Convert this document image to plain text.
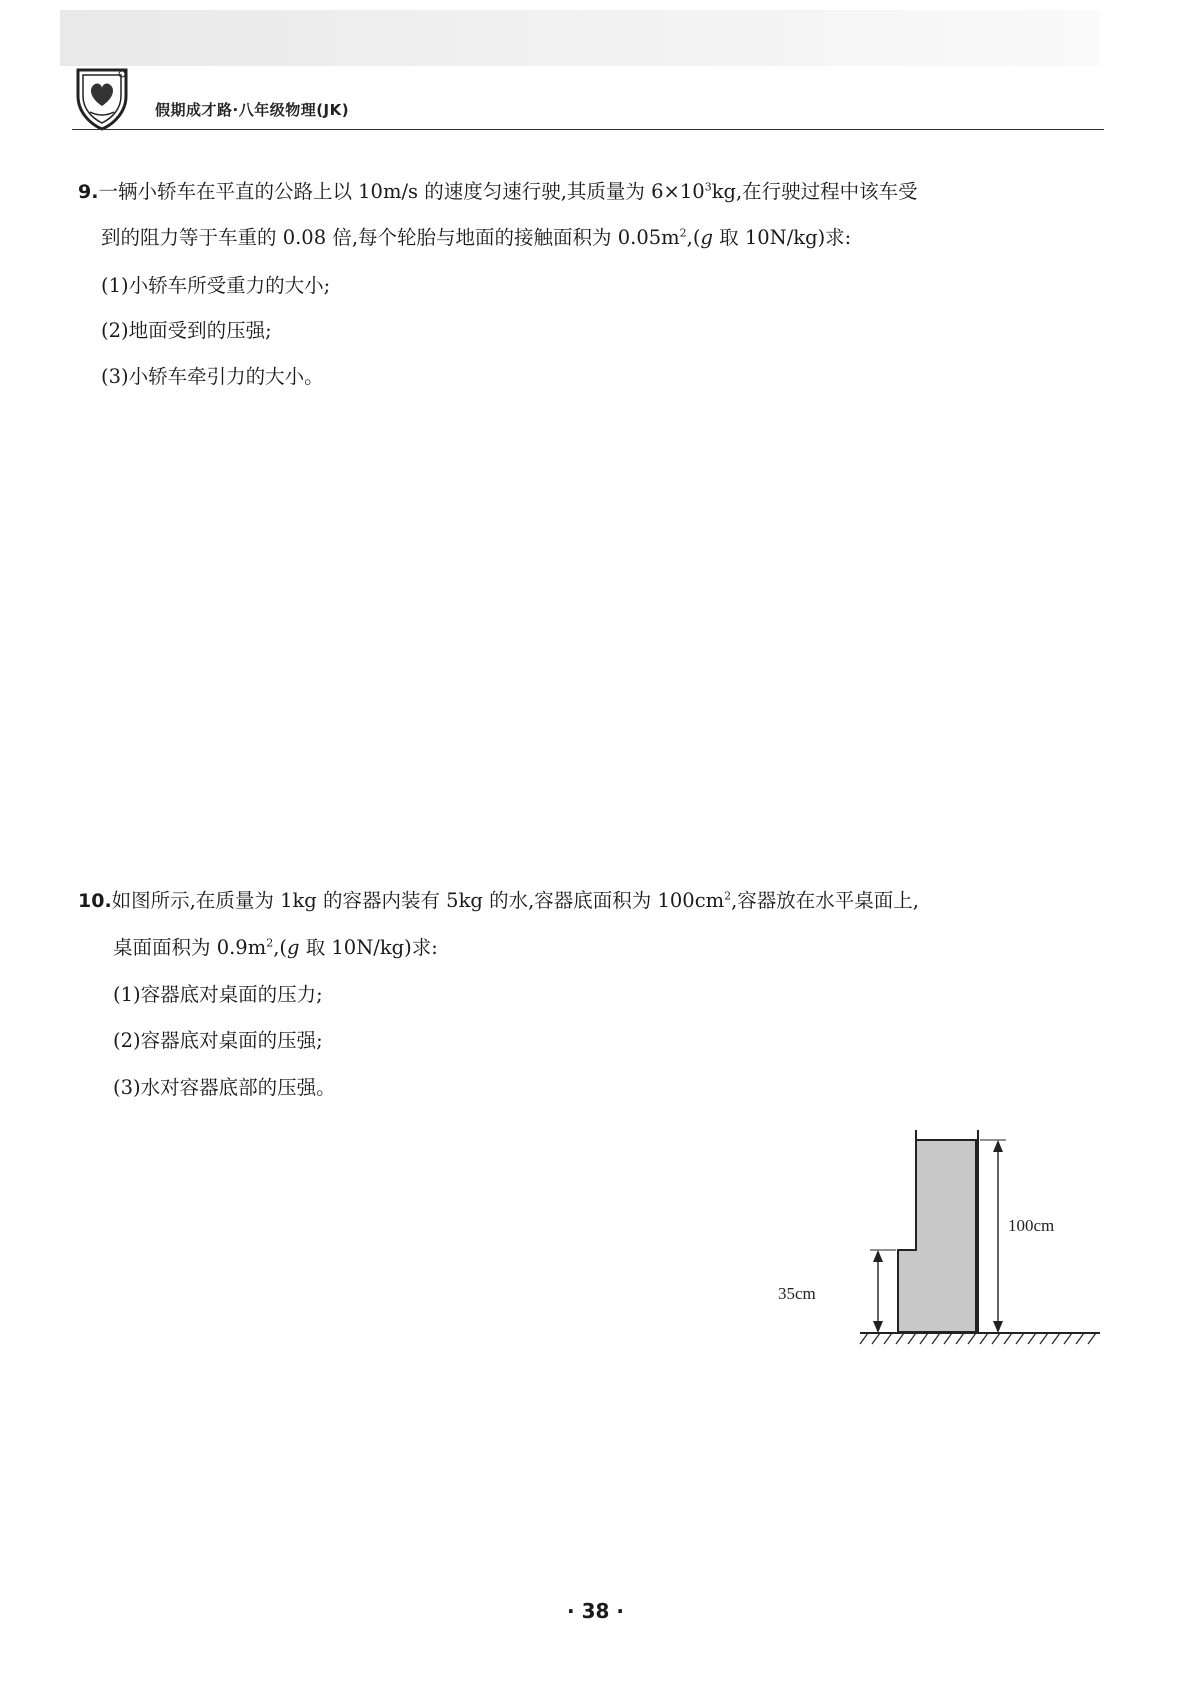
假期成才路·八年级物理(JK)
9.一辆小轿车在平直的公路上以 10m/s 的速度匀速行驶,其质量为 $6\times 10^3kg$,在行驶过程中该车受
到的阻力等于车重的 0.08 倍,每个轮胎与地面的接触面积为 $0.05m^2,(g$ 取 10N/kg)求:
(1)小轿车所受重力的大小;
(2)地面受到的压强;
(3)小轿车牵引力的大小。
10.如图所示,在质量为 1kg 的容器内装有 5kg 的水,容器底面积为 $100cm^2$,容器放在水平桌面上,
桌面面积为 $0.9m^2,(g$ 取 10N/kg)求:
(1)容器底对桌面的压力;
(2)容器底对桌面的压强;
(3)水对容器底部的压强。
100cm
35cm
· 38 ·
